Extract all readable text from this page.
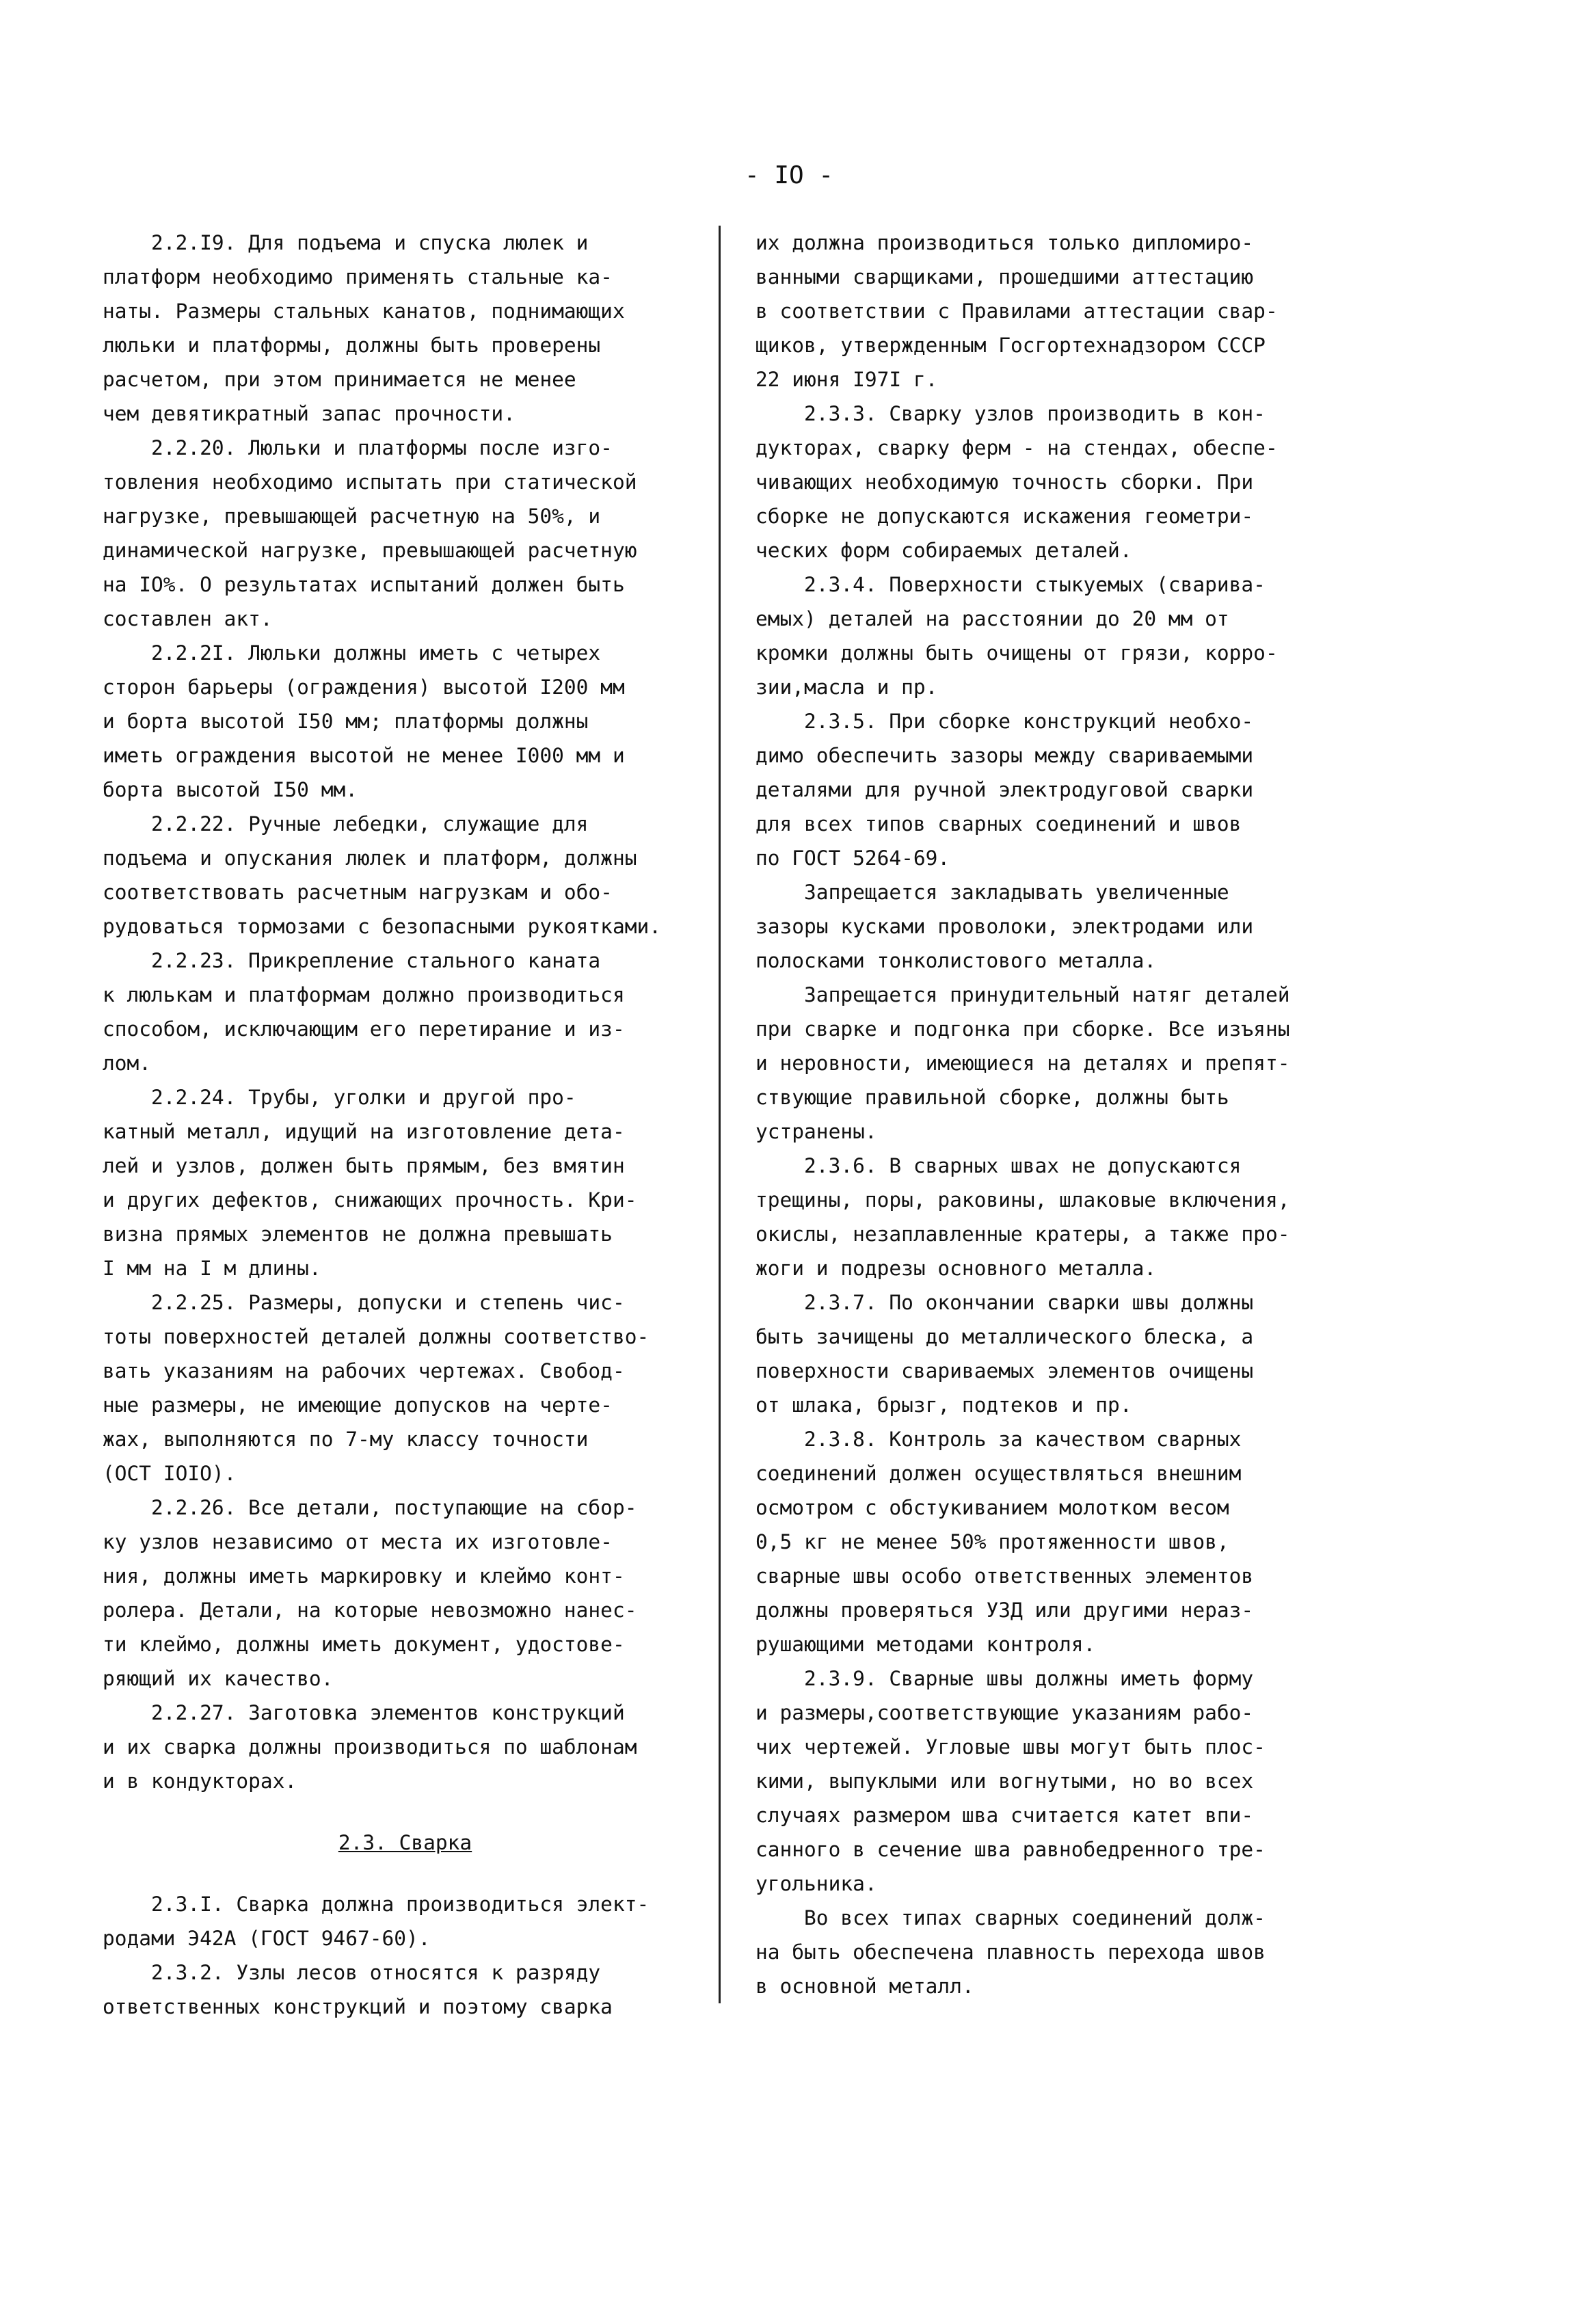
- IO -
2.2.I9. Для подъема и спуска люлек и
платформ необходимо применять стальные ка-
наты. Размеры стальных канатов, поднимающих
люльки и платформы, должны быть проверены
расчетом, при этом принимается не менее
чем девятикратный запас прочности.
2.2.20. Люльки и платформы после изго-
товления необходимо испытать при статической
нагрузке, превышающей расчетную на 50%, и
динамической нагрузке, превышающей расчетную
на IO%. О результатах испытаний должен быть
составлен акт.
2.2.2I. Люльки должны иметь с четырех
сторон барьеры (ограждения) высотой I200 мм
и борта высотой I50 мм; платформы должны
иметь ограждения высотой не менее I000 мм и
борта высотой I50 мм.
2.2.22. Ручные лебедки, служащие для
подъема и опускания люлек и платформ, должны
соответствовать расчетным нагрузкам и обо-
рудоваться тормозами с безопасными рукоятками.
2.2.23. Прикрепление стального каната
к люлькам и платформам должно производиться
способом, исключающим его перетирание и из-
лом.
2.2.24. Трубы, уголки и другой про-
катный металл, идущий на изготовление дета-
лей и узлов, должен быть прямым, без вмятин
и других дефектов, снижающих прочность. Кри-
визна прямых элементов не должна превышать
I мм на I м длины.
2.2.25. Размеры, допуски и степень чис-
тоты поверхностей деталей должны соответство-
вать указаниям на рабочих чертежах. Свобод-
ные размеры, не имеющие допусков на черте-
жах, выполняются по 7-му классу точности
(ОСТ IOIO).
2.2.26. Все детали, поступающие на сбор-
ку узлов независимо от места их изготовле-
ния, должны иметь маркировку и клеймо конт-
ролера. Детали, на которые невозможно нанес-
ти клеймо, должны иметь документ, удостове-
ряющий их качество.
2.2.27. Заготовка элементов конструкций
и их сварка должны производиться по шаблонам
и в кондукторах.
2.3. Сварка
2.3.I. Сварка должна производиться элект-
родами Э42А (ГОСТ 9467-60).
2.3.2. Узлы лесов относятся к разряду
ответственных конструкций и поэтому сварка
их должна производиться только дипломиро-
ванными сварщиками, прошедшими аттестацию
в соответствии с Правилами аттестации свар-
щиков, утвержденным Госгортехнадзором СССР
22 июня I97I г.
2.3.3. Сварку узлов производить в кон-
дукторах, сварку ферм - на стендах, обеспе-
чивающих необходимую точность сборки. При
сборке не допускаются искажения геометри-
ческих форм собираемых деталей.
2.3.4. Поверхности стыкуемых (сварива-
емых) деталей на расстоянии до 20 мм от
кромки должны быть очищены от грязи, корро-
зии,масла и пр.
2.3.5. При сборке конструкций необхо-
димо обеспечить зазоры между свариваемыми
деталями для ручной электродуговой сварки
для всех типов сварных соединений и швов
по ГОСТ 5264-69.
Запрещается закладывать увеличенные
зазоры кусками проволоки, электродами или
полосками тонколистового металла.
Запрещается принудительный натяг деталей
при сварке и подгонка при сборке. Все изъяны
и неровности, имеющиеся на деталях и препят-
ствующие правильной сборке, должны быть
устранены.
2.3.6. В сварных швах не допускаются
трещины, поры, раковины, шлаковые включения,
окислы, незаплавленные кратеры, а также про-
жоги и подрезы основного металла.
2.3.7. По окончании сварки швы должны
быть зачищены до металлического блеска, а
поверхности свариваемых элементов очищены
от шлака, брызг, подтеков и пр.
2.3.8. Контроль за качеством сварных
соединений должен осуществляться внешним
осмотром с обстукиванием молотком весом
0,5 кг не менее 50% протяженности швов,
сварные швы особо ответственных элементов
должны проверяться УЗД или другими нераз-
рушающими методами контроля.
2.3.9. Сварные швы должны иметь форму
и размеры,соответствующие указаниям рабо-
чих чертежей. Угловые швы могут быть плос-
кими, выпуклыми или вогнутыми, но во всех
случаях размером шва считается катет впи-
санного в сечение шва равнобедренного тре-
угольника.
Во всех типах сварных соединений долж-
на быть обеспечена плавность перехода швов
в основной металл.
